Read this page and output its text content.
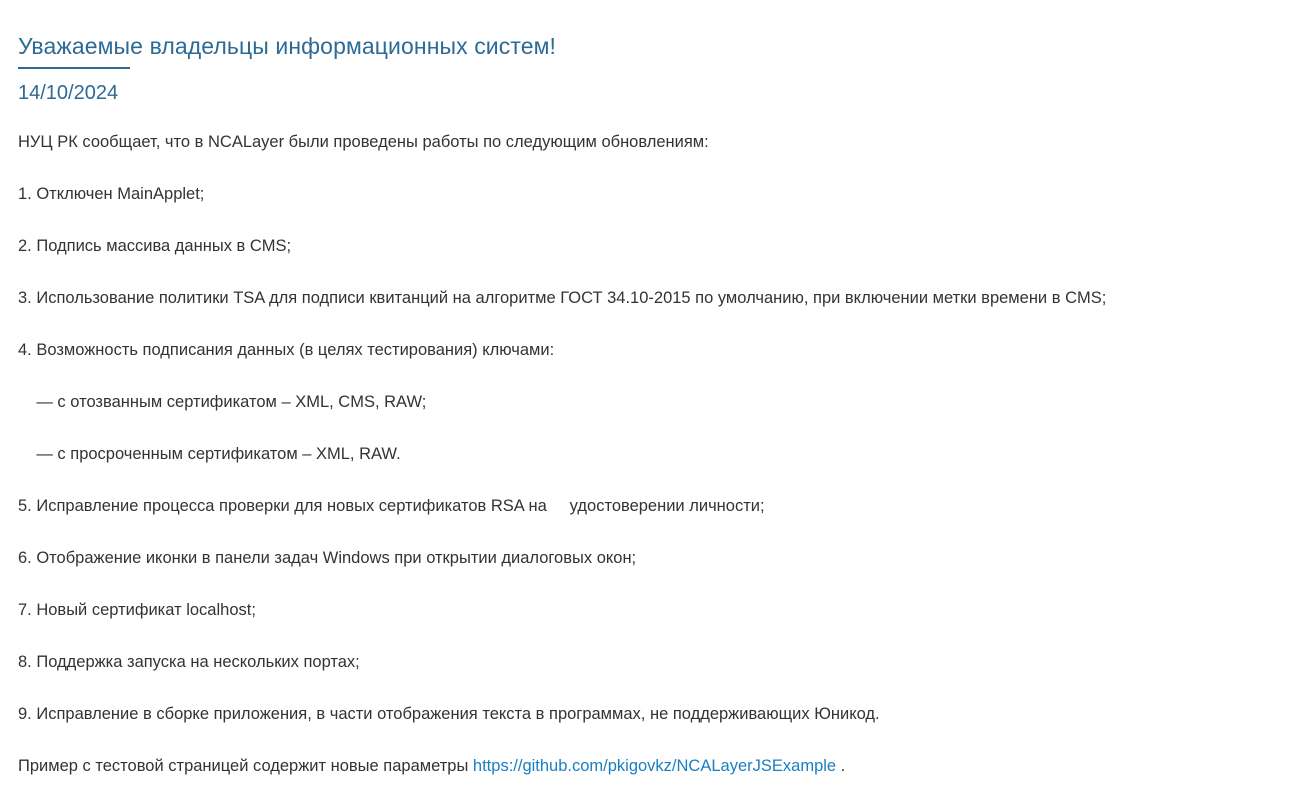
Уважаемые владельцы информационных систем!
14/10/2024

НУЦ РК сообщает, что в NCALayer были проведены работы по следующим обновлениям:

1. Отключен MainApplet;

2. Подпись массива данных в CMS;

3. Использование политики TSA для подписи квитанций на алгоритме ГОСТ 34.10-2015 по умолчанию, при включении метки времени в CMS;

4. Возможность подписания данных (в целях тестирования) ключами:

— с отозванным сертификатом – XML, CMS, RAW;

— с просроченным сертификатом – XML, RAW.

5. Исправление процесса проверки для новых сертификатов RSA на     удостоверении личности;

6. Отображение иконки в панели задач Windows при открытии диалоговых окон;

7. Новый сертификат localhost;

8. Поддержка запуска на нескольких портах;

9. Исправление в сборке приложения, в части отображения текста в программах, не поддерживающих Юникод.

Пример с тестовой страницей содержит новые параметры https://github.com/pkigovkz/NCALayerJSExample .
